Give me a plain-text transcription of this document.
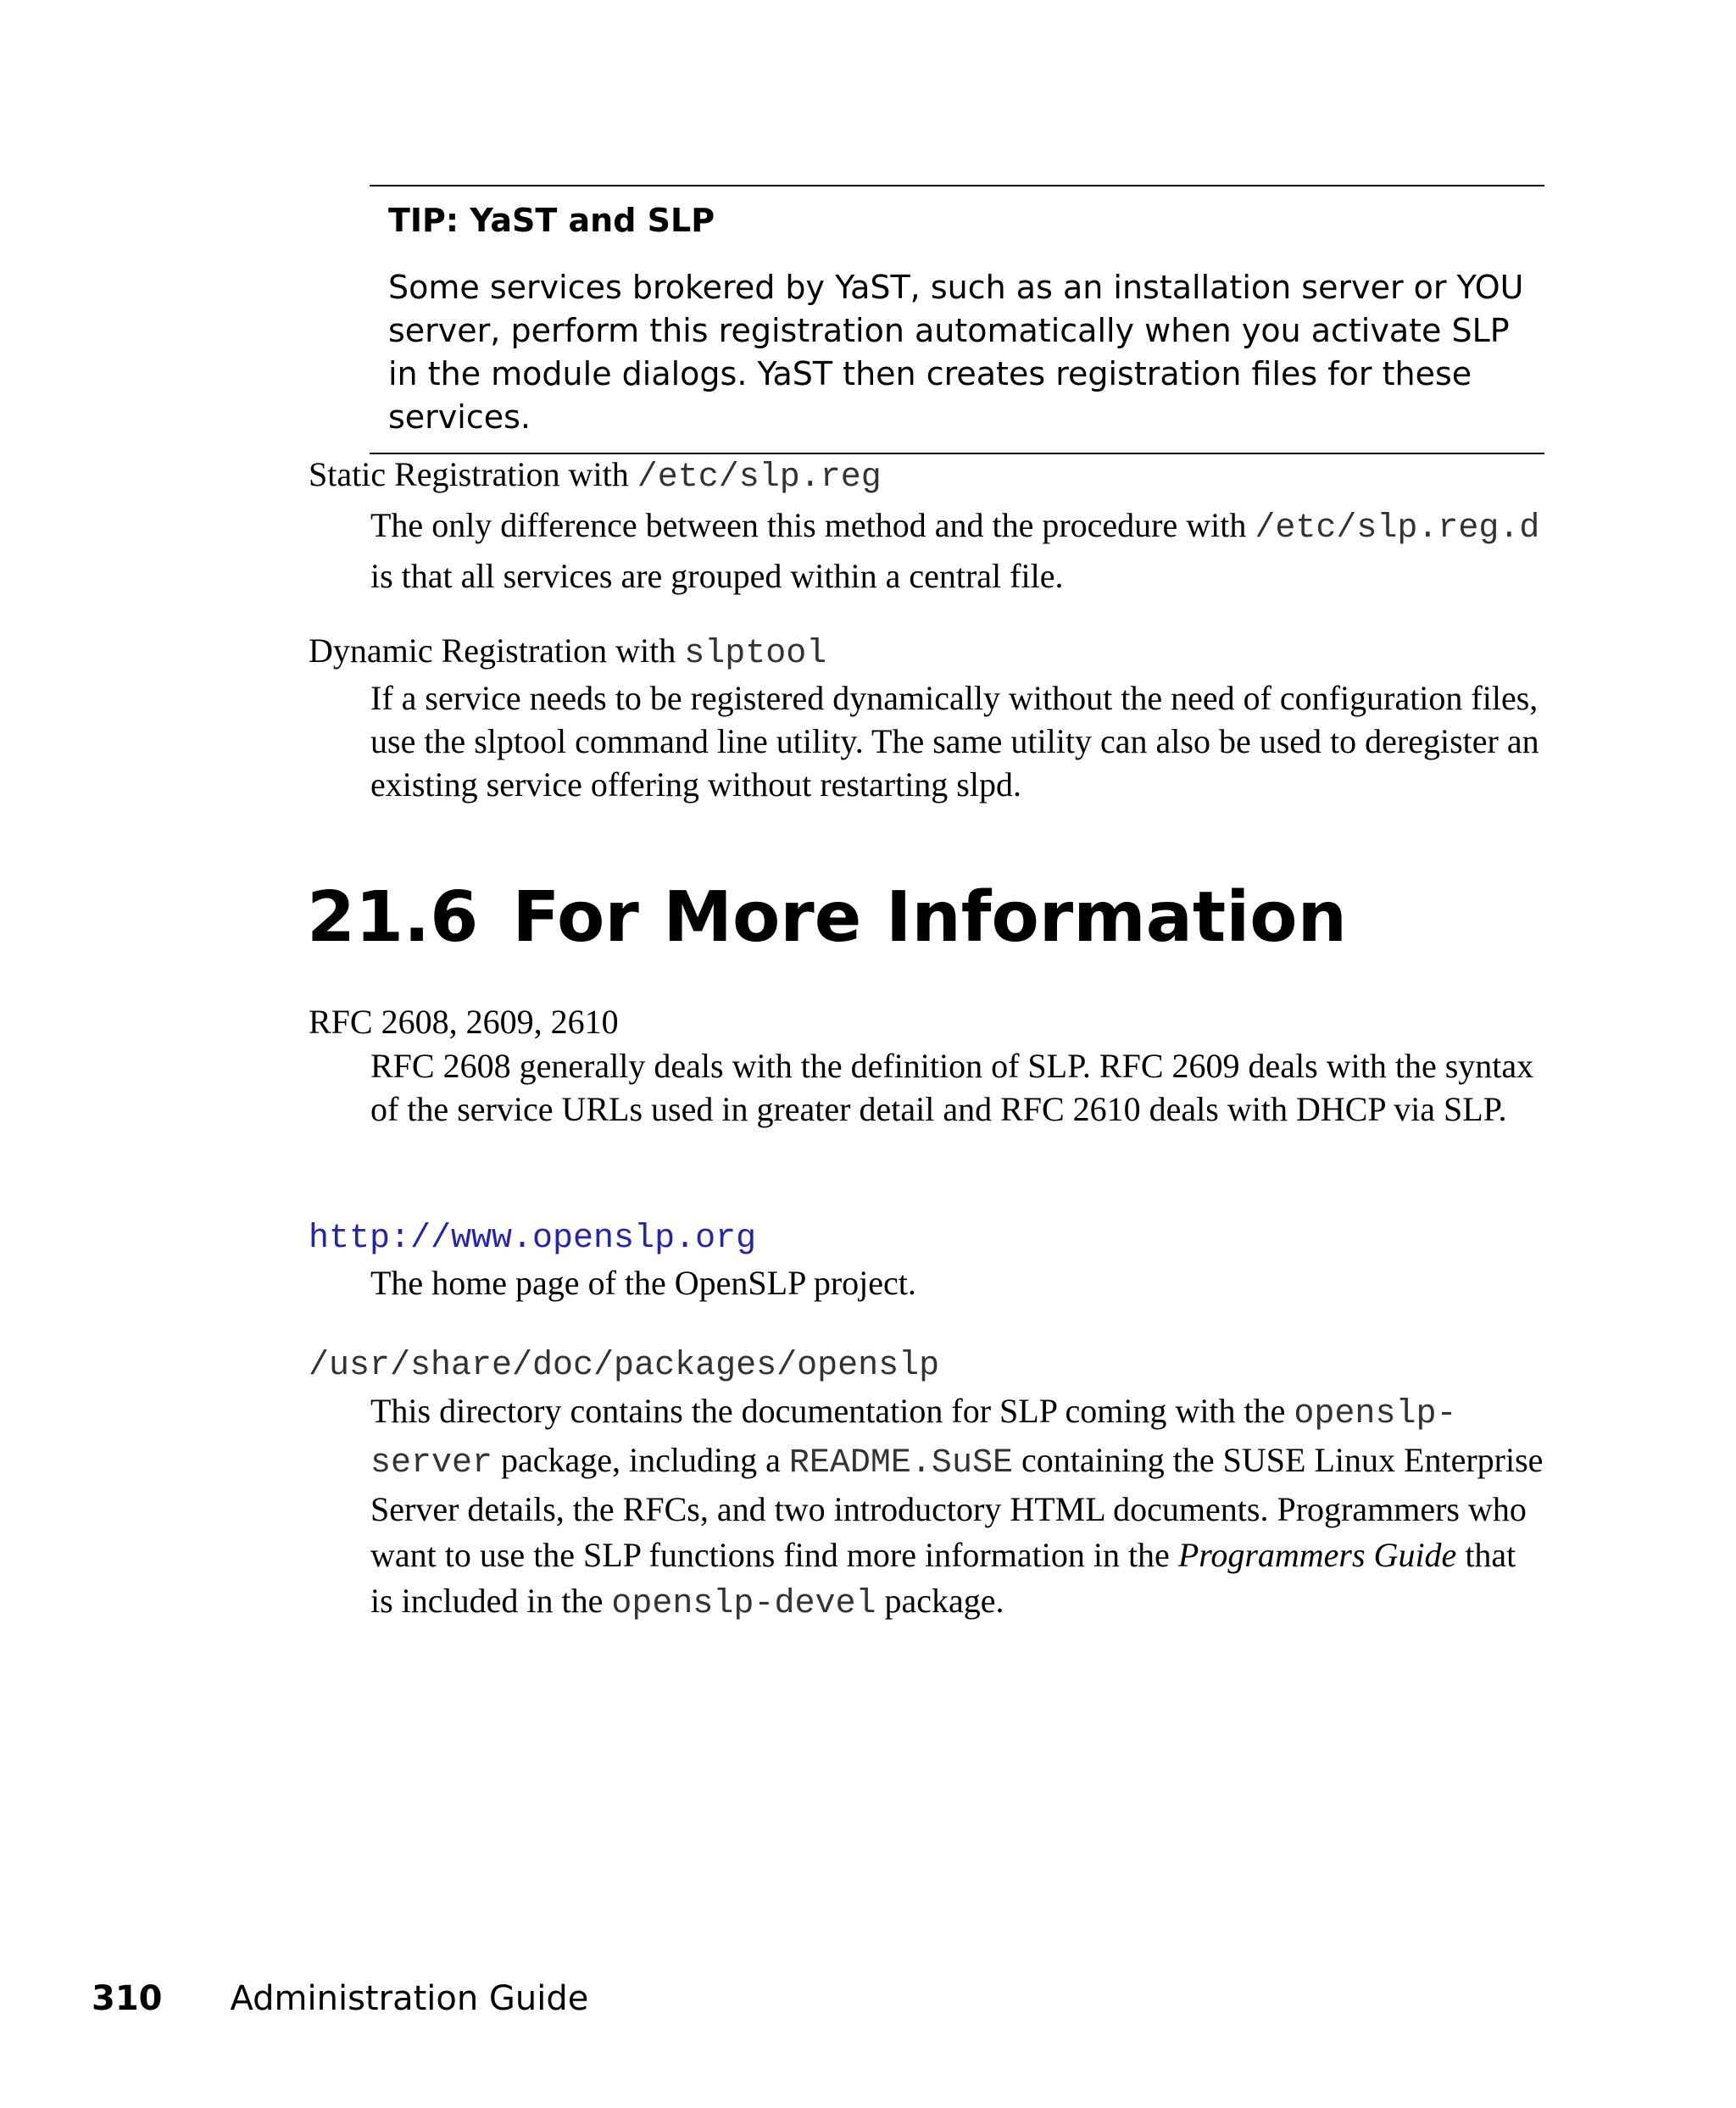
TIP: YaST and SLP

Some services brokered by YaST, such as an installation server or YOU server, perform this registration automatically when you activate SLP in the module dialogs. YaST then creates registration files for these services.

Static Registration with /etc/slp.reg

The only difference between this method and the procedure with /etc/slp.reg.d is that all services are grouped within a central file.

Dynamic Registration with slptool

If a service needs to be registered dynamically without the need of configuration files, use the slptool command line utility. The same utility can also be used to deregister an existing service offering without restarting slpd.

21.6 For More Information

RFC 2608, 2609, 2610

RFC 2608 generally deals with the definition of SLP. RFC 2609 deals with the syntax of the service URLs used in greater detail and RFC 2610 deals with DHCP via SLP.

http://www.openslp.org

The home page of the OpenSLP project.

/usr/share/doc/packages/openslp

This directory contains the documentation for SLP coming with the openslp-server package, including a README.SuSE containing the SUSE Linux Enterprise Server details, the RFCs, and two introductory HTML documents. Programmers who want to use the SLP functions find more information in the Programmers Guide that is included in the openslp-devel package.

310 Administration Guide
